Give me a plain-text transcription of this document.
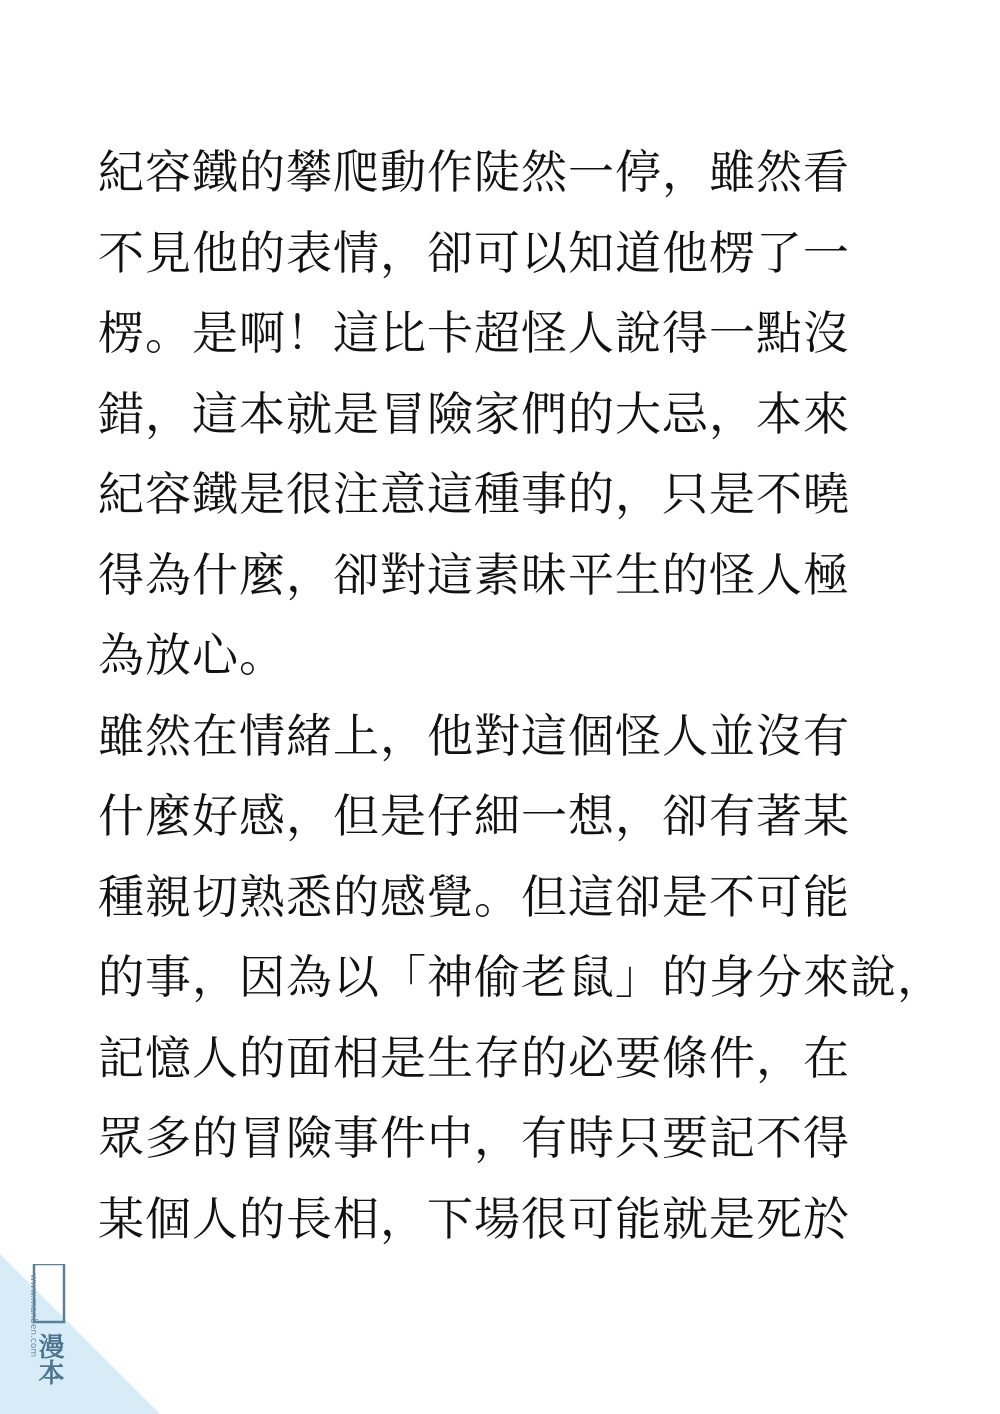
紀容鐵的攀爬動作陡然一停，雖然看
不見他的表情，卻可以知道他楞了一
楞。是啊！這比卡超怪人說得一點沒
錯，這本就是冒險家們的大忌，本來
紀容鐵是很注意這種事的，只是不曉
得為什麼，卻對這素昧平生的怪人極
為放心。
雖然在情緒上，他對這個怪人並沒有
什麼好感，但是仔細一想，卻有著某
種親切熟悉的感覺。但這卻是不可能
的事，因為以「神偷老鼠」的身分來說，
記憶人的面相是生存的必要條件，在
眾多的冒險事件中，有時只要記不得
某個人的長相，下場很可能就是死於
漫本
www.manben.com
